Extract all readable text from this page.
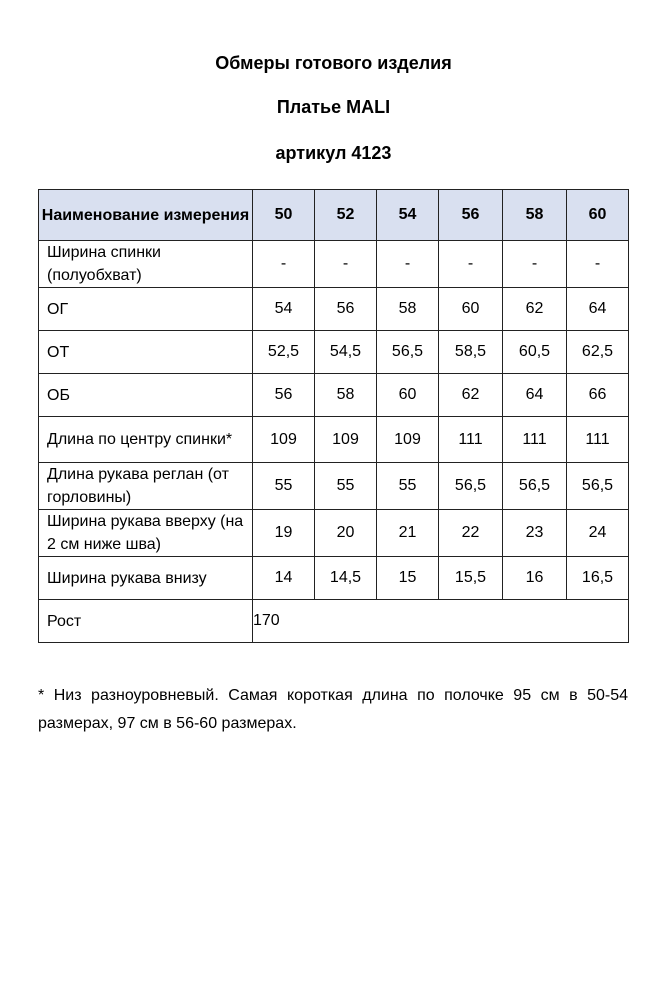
Обмеры готового изделия
Платье MALI
артикул 4123
Наименование измерения	50	52	54	56	58	60
Ширина спинки (полуобхват)	-	-	-	-	-	-
ОГ	54	56	58	60	62	64
ОТ	52,5	54,5	56,5	58,5	60,5	62,5
ОБ	56	58	60	62	64	66
Длина по центру спинки*	109	109	109	111	111	111
Длина рукава реглан (от горловины)	55	55	55	56,5	56,5	56,5
Ширина рукава вверху (на 2 см ниже шва)	19	20	21	22	23	24
Ширина рукава внизу	14	14,5	15	15,5	16	16,5
Рост	170					
* Низ разноуровневый. Самая короткая длина по полочке 95 см в 50-54 размерах, 97 см в 56-60 размерах.
